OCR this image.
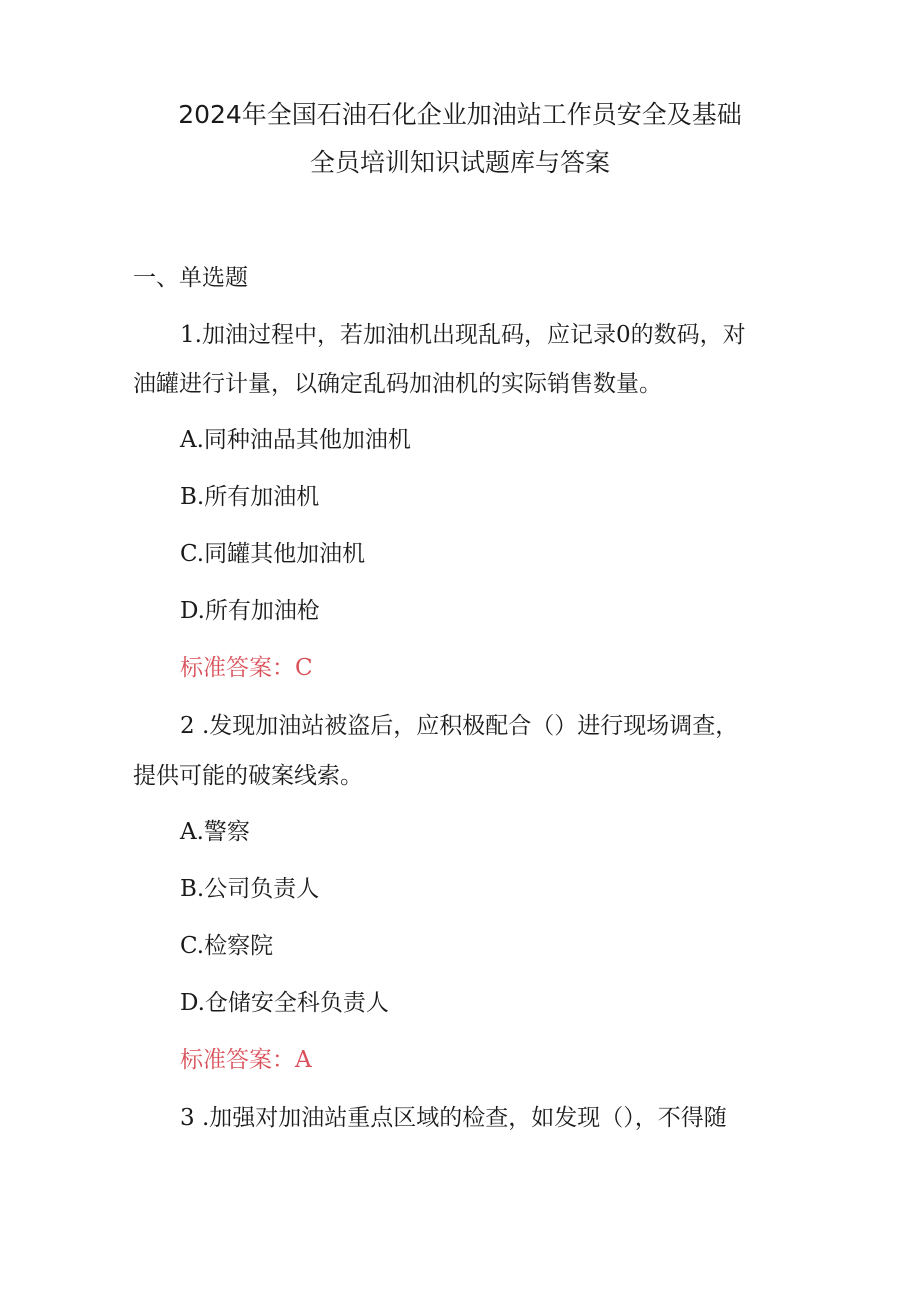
2024年全国石油石化企业加油站工作员安全及基础
全员培训知识试题库与答案
一、单选题
1.加油过程中，若加油机出现乱码，应记录0的数码，对
油罐进行计量，以确定乱码加油机的实际销售数量。
A.同种油品其他加油机
B.所有加油机
C.同罐其他加油机
D.所有加油枪
标准答案：C
2 .发现加油站被盗后，应积极配合（）进行现场调查，
提供可能的破案线索。
A.警察
B.公司负责人
C.检察院
D.仓储安全科负责人
标准答案：A
3 .加强对加油站重点区域的检查，如发现（），不得随
